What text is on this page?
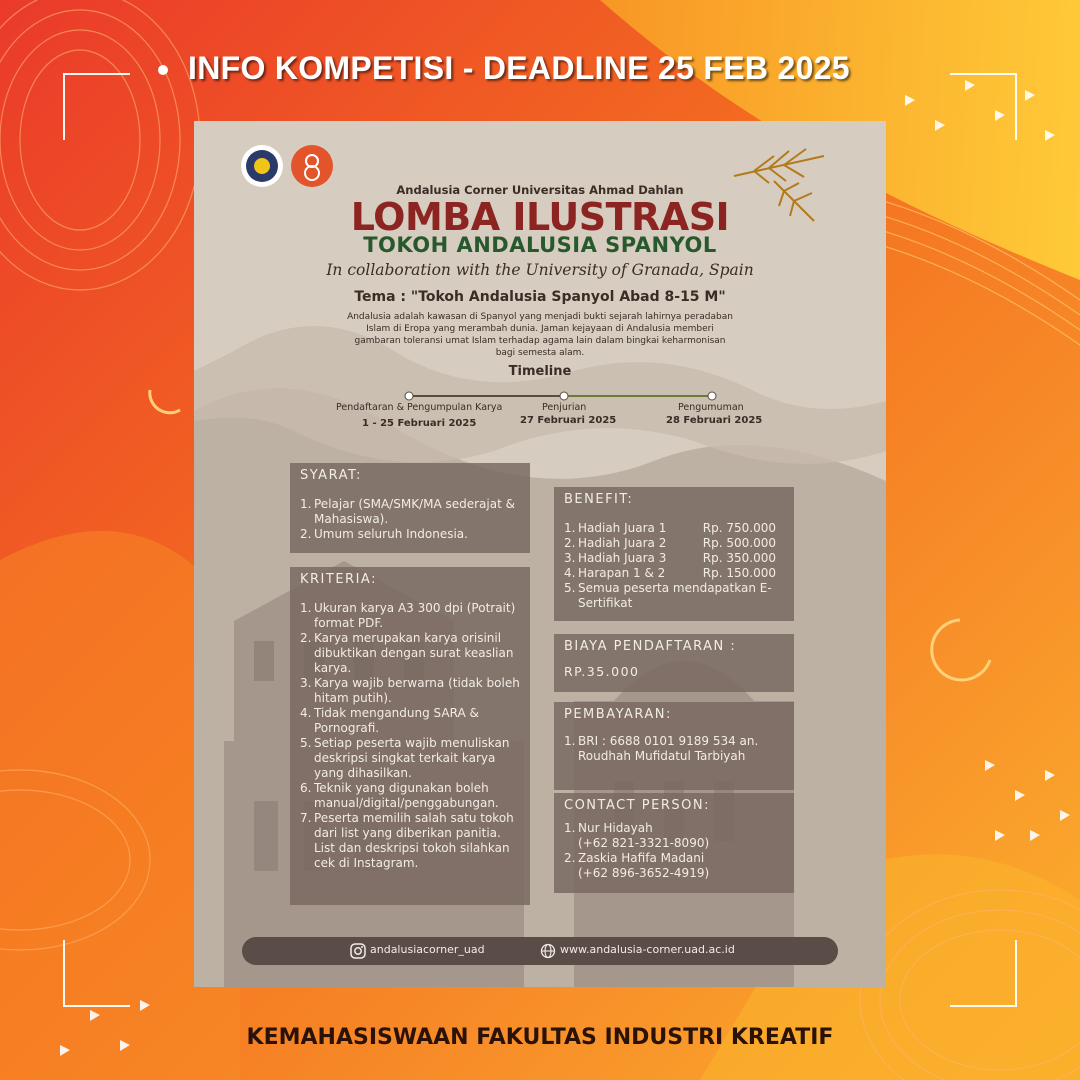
INFO KOMPETISI - DEADLINE 25 FEB 2025
Andalusia Corner Universitas Ahmad Dahlan
LOMBA ILUSTRASI
TOKOH ANDALUSIA SPANYOL
In collaboration with the University of Granada, Spain
Tema : "Tokoh Andalusia Spanyol Abad 8-15 M"
Andalusia adalah kawasan di Spanyol yang menjadi bukti sejarah lahirnya peradaban Islam di Eropa yang merambah dunia. Jaman kejayaan di Andalusia memberi gambaran toleransi umat Islam terhadap agama lain dalam bingkai keharmonisan bagi semesta alam.
Timeline
Pendaftaran & Pengumpulan Karya
1 - 25 Februari 2025
Penjurian
27 Februari 2025
Pengumuman
28 Februari 2025
SYARAT:
1. Pelajar (SMA/SMK/MA sederajat & Mahasiswa).
2. Umum seluruh Indonesia.
KRITERIA:
1. Ukuran karya A3 300 dpi (Potrait) format PDF.
2. Karya merupakan karya orisinil dibuktikan dengan surat keaslian karya.
3. Karya wajib berwarna (tidak boleh hitam putih).
4. Tidak mengandung SARA & Pornografi.
5. Setiap peserta wajib menuliskan deskripsi singkat terkait karya yang dihasilkan.
6. Teknik yang digunakan boleh manual/digital/penggabungan.
7. Peserta memilih salah satu tokoh dari list yang diberikan panitia. List dan deskripsi tokoh silahkan cek di Instagram.
BENEFIT:
1. Hadiah Juara 1	Rp. 750.000
2. Hadiah Juara 2	Rp. 500.000
3. Hadiah Juara 3	Rp. 350.000
4. Harapan 1 & 2	Rp. 150.000
5. Semua peserta mendapatkan E-Sertifikat
BIAYA PENDAFTARAN :
RP.35.000
PEMBAYARAN:
1. BRI : 6688 0101 9189 534 an. Roudhah Mufidatul Tarbiyah
CONTACT PERSON:
1. Nur Hidayah
(+62 821-3321-8090)
2. Zaskia Hafifa Madani
(+62 896-3652-4919)
andalusiacorner_uad	www.andalusia-corner.uad.ac.id
KEMAHASISWAAN FAKULTAS INDUSTRI KREATIF
